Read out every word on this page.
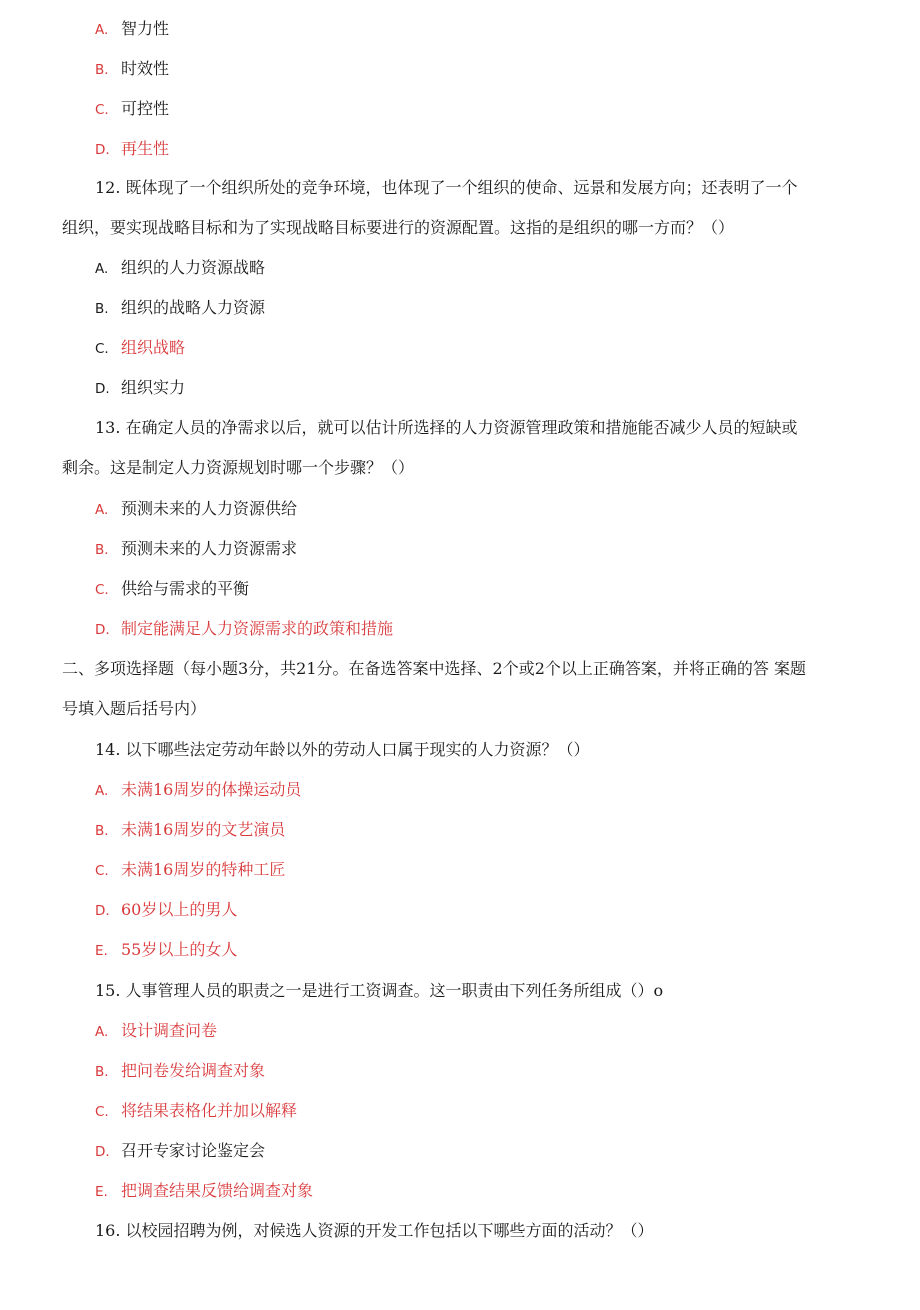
A. 智力性
B. 时效性
C. 可控性
D. 再生性
12. 既体现了一个组织所处的竞争环境，也体现了一个组织的使命、远景和发展方向；还表明了一个
组织，要实现战略目标和为了实现战略目标要进行的资源配置。这指的是组织的哪一方而？（）
A. 组织的人力资源战略
B. 组织的战略人力资源
C. 组织战略
D. 组织实力
13. 在确定人员的净需求以后，就可以估计所选择的人力资源管理政策和措施能否减少人员的短缺或
剩余。这是制定人力资源规划时哪一个步骤？（）
A. 预测未来的人力资源供给
B. 预测未来的人力资源需求
C. 供给与需求的平衡
D. 制定能满足人力资源需求的政策和措施
二、多项选择题（每小题3分，共21分。在备选答案中选择、2个或2个以上正确答案，并将正确的答 案题
号填入题后括号内）
14. 以下哪些法定劳动年龄以外的劳动人口属于现实的人力资源？（）
A. 未满16周岁的体操运动员
B. 未满16周岁的文艺演员
C. 未满16周岁的特种工匠
D. 60岁以上的男人
E. 55岁以上的女人
15. 人事管理人员的职责之一是进行工资调查。这一职责由下列任务所组成（）o
A. 设计调查问卷
B. 把问卷发给调查对象
C. 将结果表格化并加以解释
D. 召开专家讨论鉴定会
E. 把调查结果反馈给调查对象
16. 以校园招聘为例，对候选人资源的开发工作包括以下哪些方面的活动？（）
